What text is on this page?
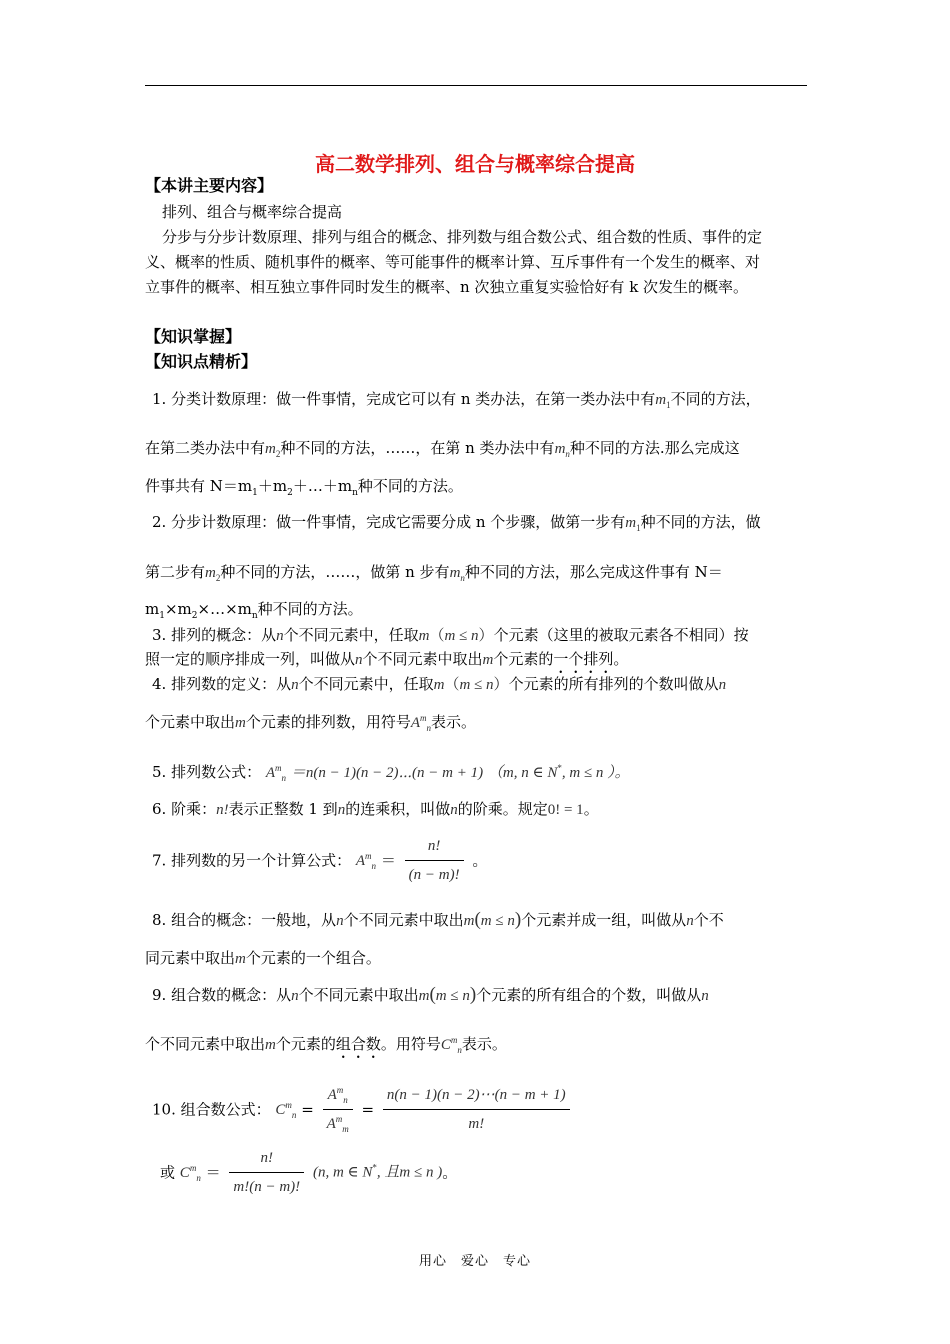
高二数学排列、组合与概率综合提高
【本讲主要内容】
排列、组合与概率综合提高
分步与分步计数原理、排列与组合的概念、排列数与组合数公式、组合数的性质、事件的定
义、概率的性质、随机事件的概率、等可能事件的概率计算、互斥事件有一个发生的概率、对
立事件的概率、相互独立事件同时发生的概率、n 次独立重复实验恰好有 k 次发生的概率。
【知识掌握】
【知识点精析】
1. 分类计数原理：做一件事情，完成它可以有 n 类办法，在第一类办法中有$m_1$不同的方法，
在第二类办法中有$m_2$种不同的方法，……，在第 n 类办法中有$m_n$种不同的方法.那么完成这
件事共有 $N=m_1+m_2+\dots+m_n$种不同的方法。
2. 分步计数原理：做一件事情，完成它需要分成 n 个步骤，做第一步有$m_1$种不同的方法，做
第二步有$m_2$种不同的方法，……，做第 n 步有$m_n$种不同的方法，那么完成这件事有 N＝
$m_1\times m_2\times\dots\times m_n$种不同的方法。
3. 排列的概念：从n个不同元素中，任取m（m ≤ n）个元素（这里的被取元素各不相同）按
照一定的顺序排成一列，叫做从n个不同元素中取出m个元素的一个排列。
4. 排列数的定义：从n个不同元素中，任取m（m ≤ n）个元素的所有排列的个数叫做从n
个元素中取出m个元素的排列数，用符号$A^m_n$表示。
5. 排列数公式： $A^m_n =n(n - 1)(n$ − 2)⋯(n − m + 1) （m, n ∈ N*, m ≤ n ）。
6. 阶乘：n!表示正整数 1 到n的连乘积，叫做n的阶乘。规定0! = 1。
7. 排列数的另一个计算公式： $A^m_n = \frac{n!}{(n - m)!}$ 。
8. 组合的概念：一般地，从n个不同元素中取出m(m ≤ n)个元素并成一组，叫做从n个不
同元素中取出m个元素的一个组合。
9. 组合数的概念：从n个不同元素中取出m(m ≤ n)个元素的所有组合的个数，叫做从n
个不同元素中取出m个元素的组合数。用符号$C^m_n$表示。
10. 组合数公式： $C^m_n = \frac{A^m_n}{A^m_m} = \frac{n(n - 1)(n - 2)\cdots(n - m + 1)}{m!}$
或 $C^m_n = \frac{n!}{m!(n - m)!} (n$, m ∈ N*, 且m ≤ n )。
用心　爱心　专心
